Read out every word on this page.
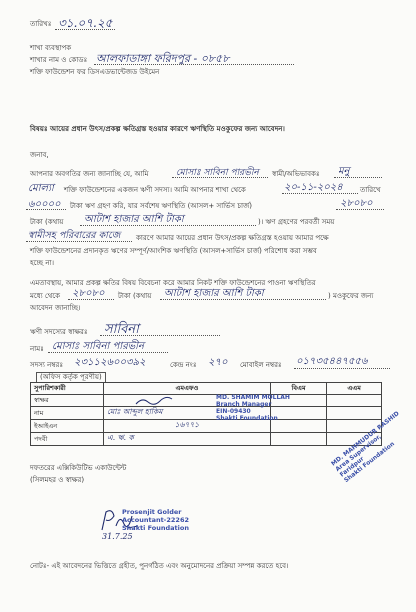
তারিখঃ ৩১.০৭.২৫
শাখা ব্যবস্থাপক
শাখার নাম ও কোডঃ আলফাডাঙ্গা ফরিদপুর - ০৮৫৮
শক্তি ফাউন্ডেশন ফর ডিসএডভান্টেজড উইমেন
বিষয়ঃ আয়ের প্রধান উৎস/প্রকল্প ক্ষতিগ্রস্ত হওয়ার কারণে ঋণস্থিতি মওকুফের জন্য আবেদন।
জনাব,
আপনার অবগতির জন্য জানাচ্ছি যে, আমি	মোসাঃ সাবিনা পারভীন স্বামী/অভিভাবকঃ মনু
মোল্যা শক্তি ফাউন্ডেশনের একজন ঋণী সদস্য। আমি আপনার শাখা থেকে	২০-১১-২০২৪ তারিখে
৬০০০০ টাকা ঋণ গ্রহণ করি, যার সর্বশেষ ঋণস্থিতি (আসল+ সার্ভিস চার্জ)	২৮০৮০
টাকা (কথায় আটাশ হাজার আশি টাকা	)। ঋণ গ্রহণের পরবর্তী সময়
স্বামীসহ পরিবারের কাজে কারণে আমার আয়ের প্রধান উৎস/প্রকল্প ক্ষতিগ্রস্ত হওয়ায় আমার পক্ষে
শক্তি ফাউন্ডেশনের প্রদানকৃত ঋণের সম্পূর্ণ/আংশিক ঋণস্থিতি (আসল+সার্ভিস চার্জ) পরিশোধ করা সম্ভব
হচ্ছে না।
এমতাবস্থায়, আমার প্রকল্প ক্ষতির বিষয় বিবেচনা করে আমার নিকট শক্তি ফাউন্ডেশনের পাওনা ঋণস্থিতির
মধ্যে থেকে ২৮০৮০ টাকা (কথায় আটাশ হাজার আশি টাকা	) মওকুফের জন্য
আবেদন জানাচ্ছি।
ঋণী সদস্যের স্বাক্ষরঃ সাবিনা
নামঃ মোসাঃ সাবিনা পারভীন
সদস্য নম্বরঃ ২৩১১২৬০০৩৯২	কেন্দ্র নংঃ ২৭০ মোবাইল নম্বরঃ ০১৭৩৫৪৪৭৫৫৬
(অফিস কর্তৃক পূরণীয়)
সুপারিশকারী	এমএফও	বিএম	এএম
স্বাক্ষর	

নাম	মোঃ আব্দুল হাকিম		
ইআইএন	১৬৭৭১		
পদবী	এ. ঋ. ক		
MD. SHAMIM MOLLAH
Branch Manager
EIN-09430
Shakti Foundation	MD. MAHMUDUR RASHID
Area Supervisor, Faridpur
Shakti Foundation
দফতরের এক্সিকিউটিভ একাউন্টেন্ট
(সিলমহর ও স্বাক্ষর)
Prosenjit Golder
Accountant-22262
Shakti Foundation
31.7.25
নোটঃ- এই আবেদনের ভিত্তিতে গ্রহীত, পুনর্গঠিত এবং অনুমোদনের প্রক্রিয়া সম্পন্ন করতে হবে।
